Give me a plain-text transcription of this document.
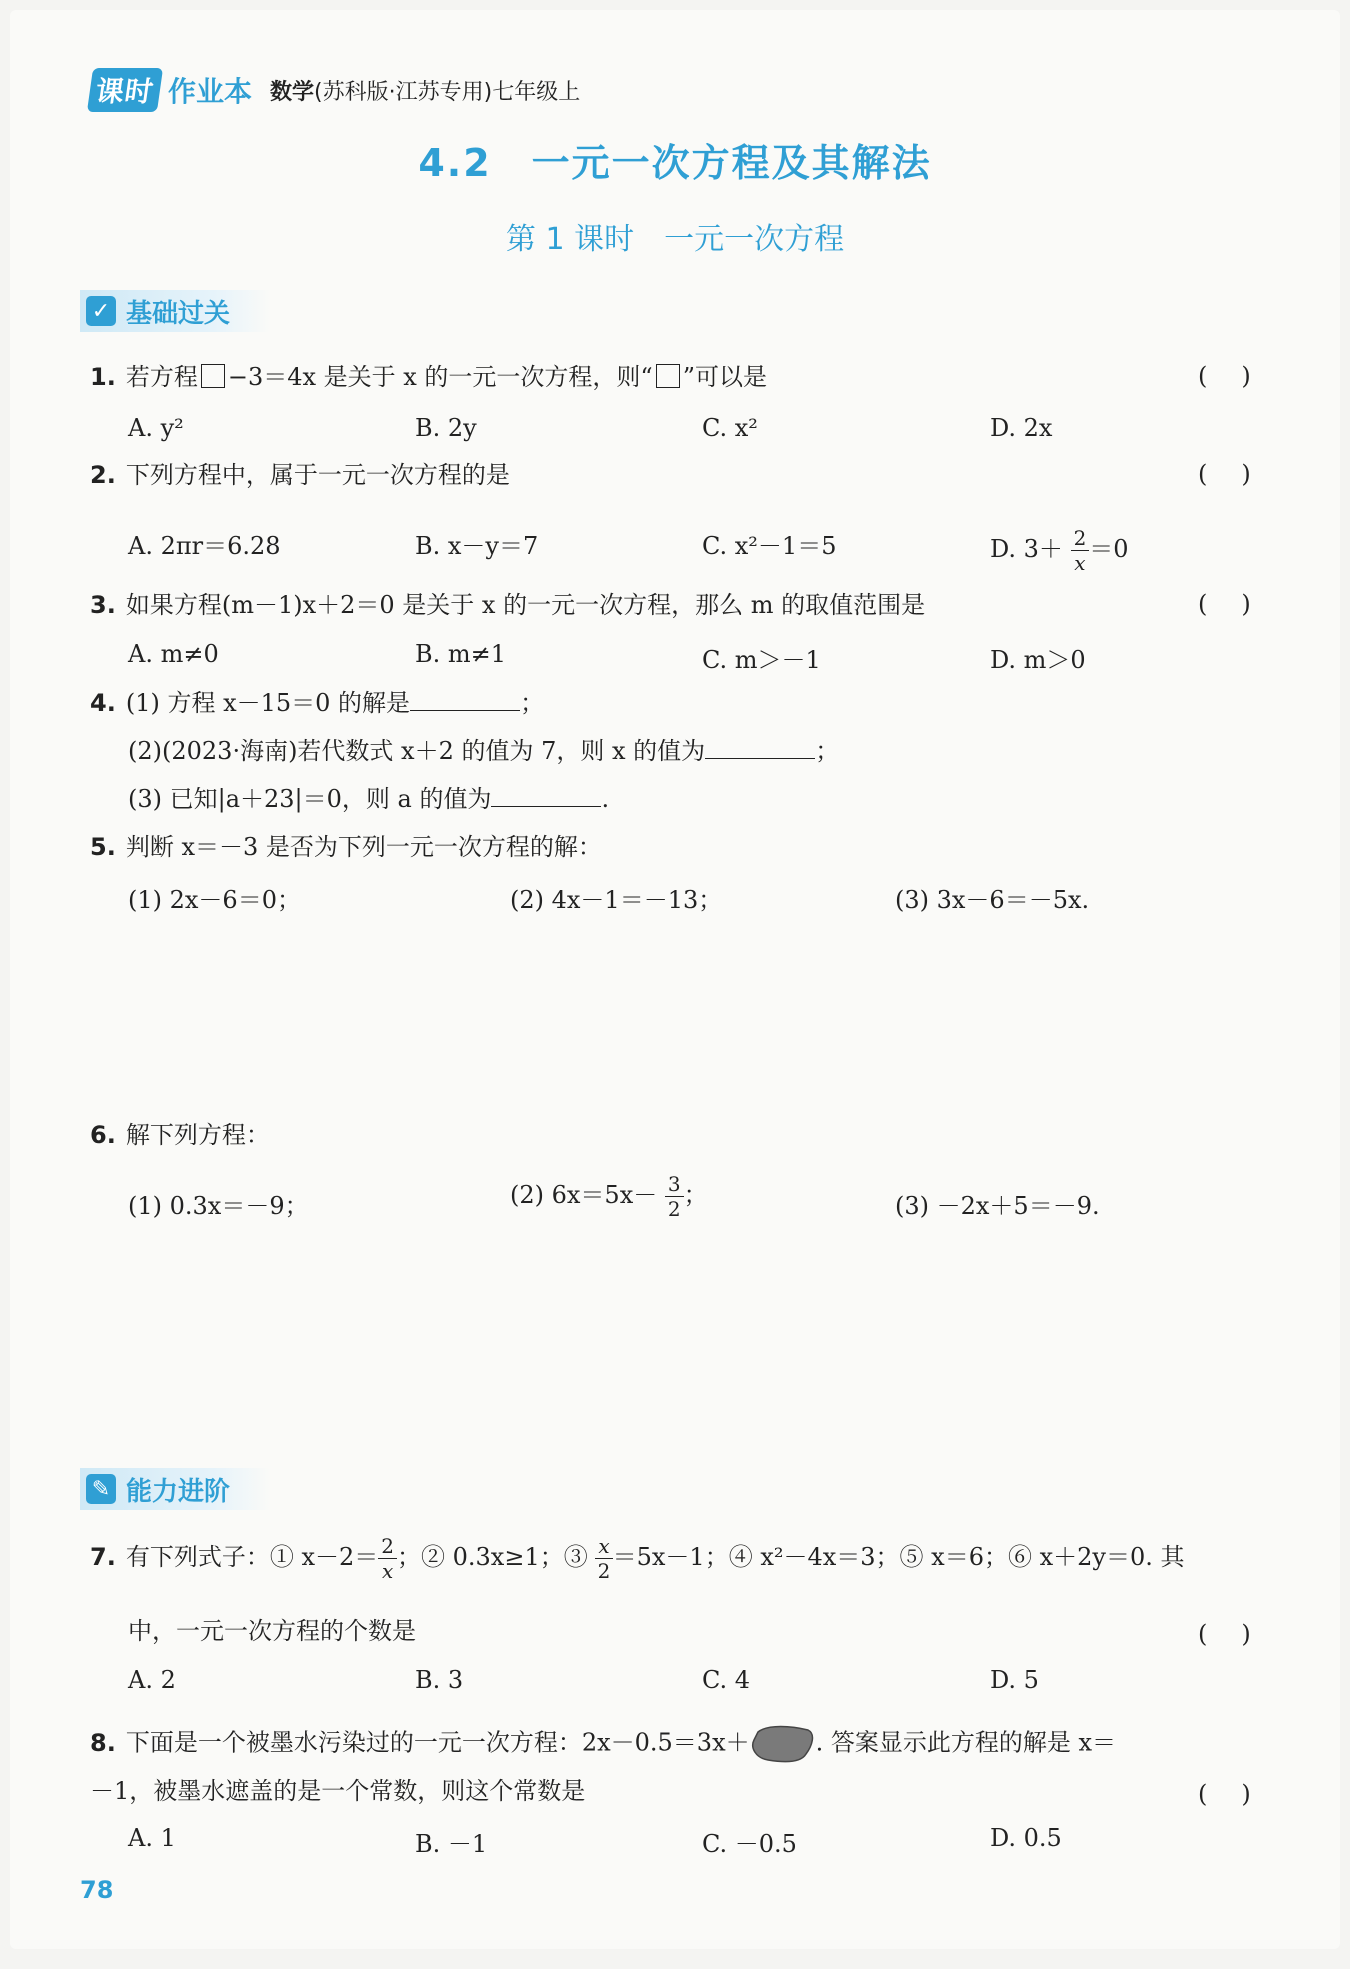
课时 作业本 数学(苏科版·江苏专用)七年级上
4.2　一元一次方程及其解法
第 1 课时　一元一次方程
✓ 基础过关
1. 若方程 −3＝4x 是关于 x 的一元一次方程，则“ ”可以是	()
A. y²	B. 2y	C. x²	D. 2x
2. 下列方程中，属于一元一次方程的是	()
A. 2πr＝6.28	B. x－y＝7	C. x²－1＝5	D. $3+ \frac{2}{x} =0$
3. 如果方程(m－1)x＋2＝0 是关于 x 的一元一次方程，那么 m 的取值范围是	()
A. m≠0	B. m≠1	C. m＞－1	D. m＞0
4. (1) 方程 x－15＝0 的解是	；
(2)(2023·海南)若代数式 x＋2 的值为 7，则 x 的值为	；
(3) 已知|a＋23|＝0，则 a 的值为	.
5. 判断 x＝－3 是否为下列一元一次方程的解：
(1) 2x－6＝0；	(2) 4x－1＝－13；	(3) 3x－6＝－5x.
6. 解下列方程：
(1) 0.3x＝－9；	(2) $6x=5x- \frac{3}{2}$ ；	(3) －2x＋5＝－9.
✎ 能力进阶
7. 有下列式子：① $x-2= \frac{2}{x}$ ；② 0.3x≥1；③ $\frac{x}{2} =5x-1$；④ x²－4x＝3；⑤ x＝6；⑥ x＋2y＝0. 其
中，一元一次方程的个数是	()
A. 2	B. 3	C. 4	D. 5
8. 下面是一个被墨水污染过的一元一次方程：2x－0.5＝3x＋	. 答案显示此方程的解是 x＝
－1，被墨水遮盖的是一个常数，则这个常数是	()
A. 1	B. －1	C. －0.5	D. 0.5
78
